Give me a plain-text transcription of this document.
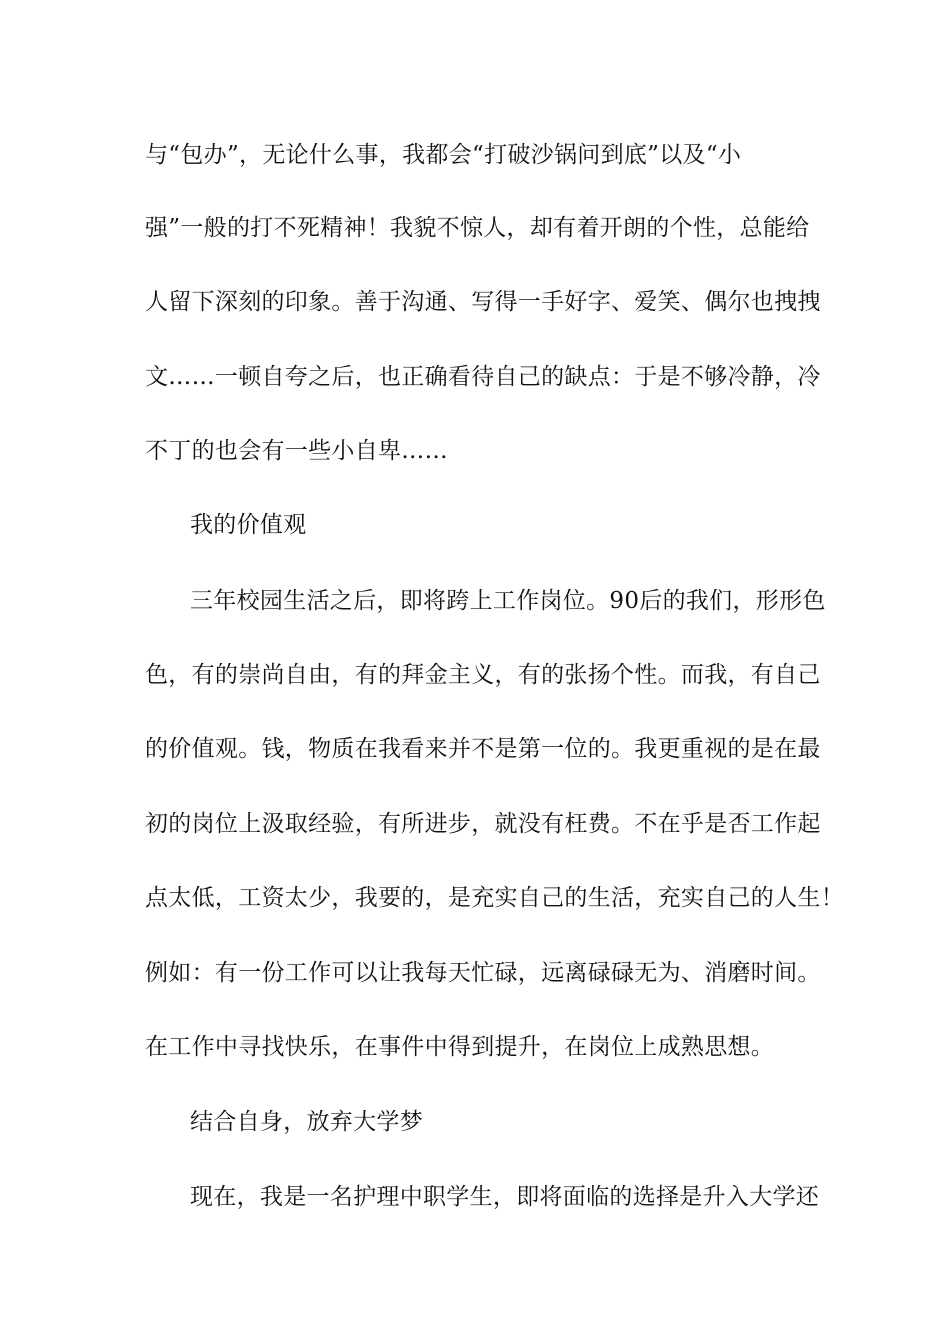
与“包办”，无论什么事，我都会“打破沙锅问到底”以及“小
强”一般的打不死精神！我貌不惊人，却有着开朗的个性，总能给
人留下深刻的印象。善于沟通、写得一手好字、爱笑、偶尔也拽拽
文……一顿自夸之后，也正确看待自己的缺点：于是不够冷静，冷
不丁的也会有一些小自卑……
我的价值观
三年校园生活之后，即将跨上工作岗位。90后的我们，形形色
色，有的崇尚自由，有的拜金主义，有的张扬个性。而我，有自己
的价值观。钱，物质在我看来并不是第一位的。我更重视的是在最
初的岗位上汲取经验，有所进步，就没有枉费。不在乎是否工作起
点太低，工资太少，我要的，是充实自己的生活，充实自己的人生！
例如：有一份工作可以让我每天忙碌，远离碌碌无为、消磨时间。
在工作中寻找快乐，在事件中得到提升，在岗位上成熟思想。
结合自身，放弃大学梦
现在，我是一名护理中职学生，即将面临的选择是升入大学还
